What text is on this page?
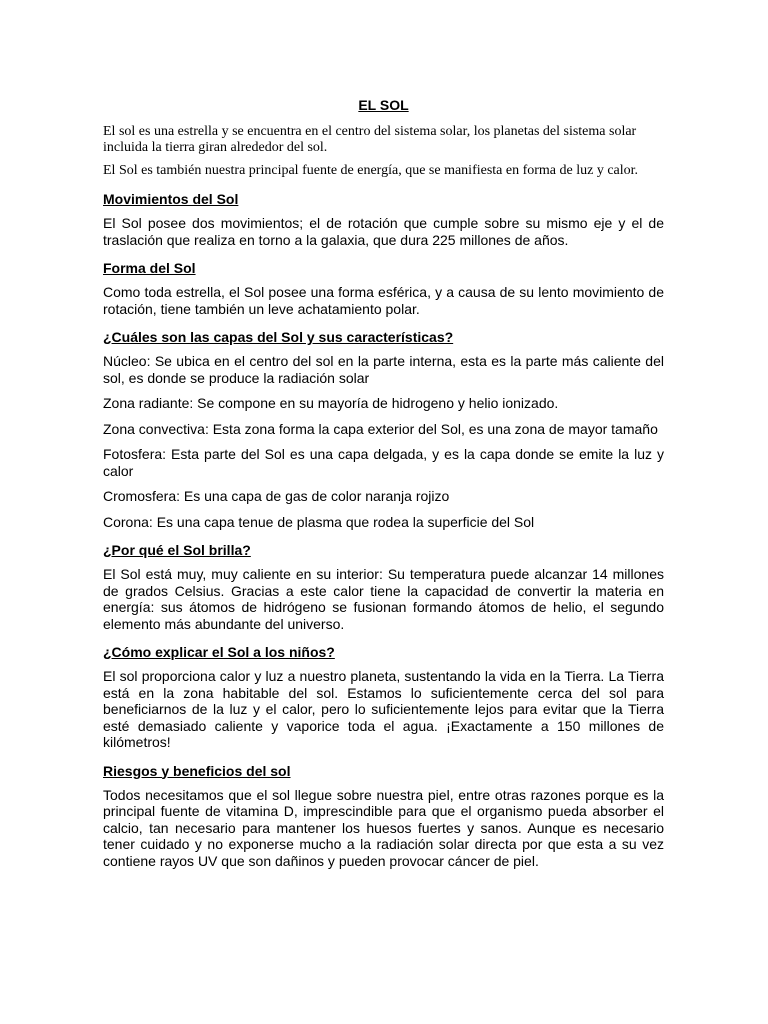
EL SOL

El sol es una estrella y se encuentra en el centro del sistema solar, los planetas del sistema solar incluida la tierra giran alrededor del sol.

El Sol es también nuestra principal fuente de energía, que se manifiesta en forma de luz y calor.

Movimientos del Sol

El Sol posee dos movimientos; el de rotación que cumple sobre su mismo eje y el de traslación que realiza en torno a la galaxia, que dura 225 millones de años.

Forma del Sol

Como toda estrella, el Sol posee una forma esférica, y a causa de su lento movimiento de rotación, tiene también un leve achatamiento polar.

¿Cuáles son las capas del Sol y sus características?

Núcleo: Se ubica en el centro del sol en la parte interna, esta es la parte más caliente del sol, es donde se produce la radiación solar

Zona radiante: Se compone en su mayoría de hidrogeno y helio ionizado.

Zona convectiva: Esta zona forma la capa exterior del Sol, es una zona de mayor tamaño

Fotosfera: Esta parte del Sol es una capa delgada, y es la capa donde se emite la luz y calor

Cromosfera: Es una capa de gas de color naranja rojizo

Corona: Es una capa tenue de plasma que rodea la superficie del Sol

¿Por qué el Sol brilla?

El Sol está muy, muy caliente en su interior: Su temperatura puede alcanzar 14 millones de grados Celsius. Gracias a este calor tiene la capacidad de convertir la materia en energía: sus átomos de hidrógeno se fusionan formando átomos de helio, el segundo elemento más abundante del universo.

¿Cómo explicar el Sol a los niños?

El sol proporciona calor y luz a nuestro planeta, sustentando la vida en la Tierra. La Tierra está en la zona habitable del sol. Estamos lo suficientemente cerca del sol para beneficiarnos de la luz y el calor, pero lo suficientemente lejos para evitar que la Tierra esté demasiado caliente y vaporice toda el agua. ¡Exactamente a 150 millones de kilómetros!

Riesgos y beneficios del sol

Todos necesitamos que el sol llegue sobre nuestra piel, entre otras razones porque es la principal fuente de vitamina D, imprescindible para que el organismo pueda absorber el calcio, tan necesario para mantener los huesos fuertes y sanos. Aunque es necesario tener cuidado y no exponerse mucho a la radiación solar directa por que esta a su vez contiene rayos UV que son dañinos y pueden provocar cáncer de piel.
